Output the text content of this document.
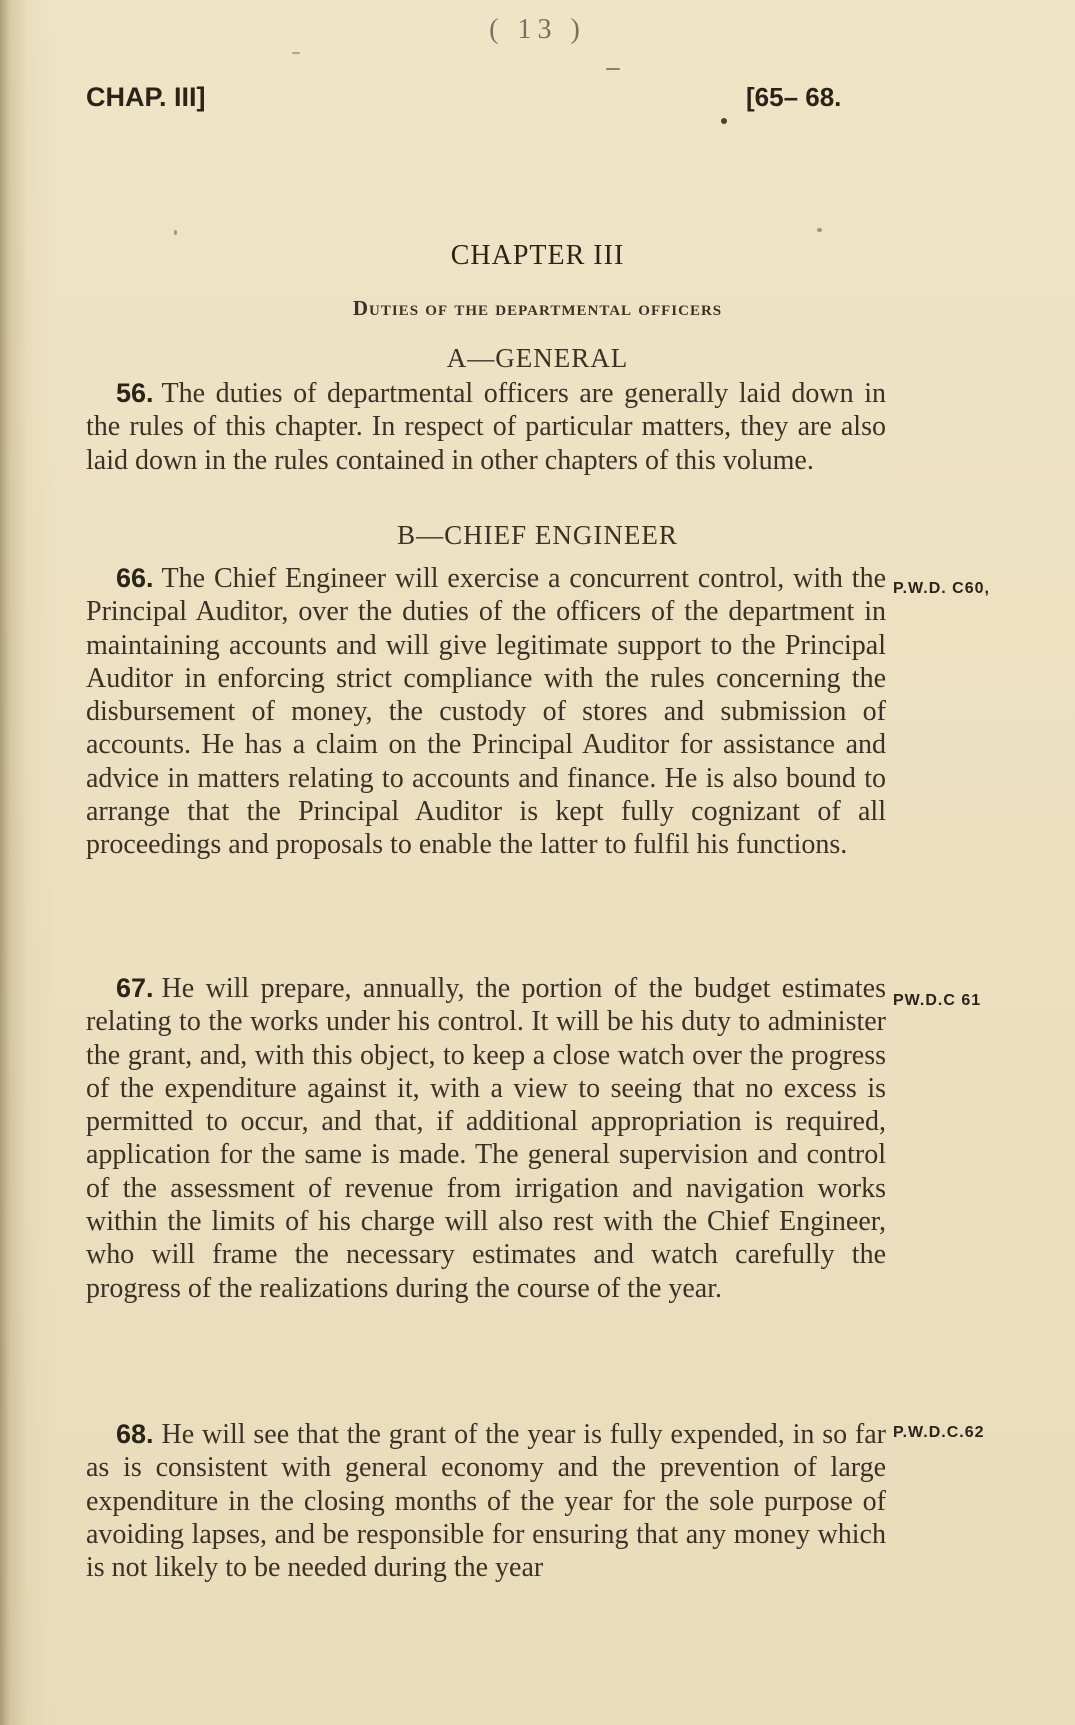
( 13 )
CHAP. III]	[65– 68.
CHAPTER III
Duties of the departmental officers
A—GENERAL
56. The duties of departmental officers are generally laid down in the rules of this chapter. In respect of particular matters, they are also laid down in the rules contained in other chapters of this volume.
B—CHIEF ENGINEER
66. The Chief Engineer will exercise a concurrent control, with the Principal Auditor, over the duties of the officers of the department in maintaining accounts and will give legitimate support to the Principal Auditor in enforcing strict compliance with the rules concerning the disbursement of money, the custody of stores and submission of accounts. He has a claim on the Principal Auditor for assistance and advice in matters relating to accounts and finance. He is also bound to arrange that the Principal Auditor is kept fully cognizant of all proceedings and proposals to enable the latter to fulfil his functions.
P.W.D. C60,
67. He will prepare, annually, the portion of the budget estimates relating to the works under his control. It will be his duty to administer the grant, and, with this object, to keep a close watch over the progress of the expenditure against it, with a view to seeing that no excess is permitted to occur, and that, if additional appropriation is required, application for the same is made. The general supervision and control of the assessment of revenue from irrigation and navigation works within the limits of his charge will also rest with the Chief Engineer, who will frame the necessary estimates and watch carefully the progress of the realizations during the course of the year.
PW.D.C 61
68. He will see that the grant of the year is fully expended, in so far as is consistent with general economy and the prevention of large expenditure in the closing months of the year for the sole purpose of avoiding lapses, and be responsible for ensuring that any money which is not likely to be needed during the year
P.W.D.C.62
